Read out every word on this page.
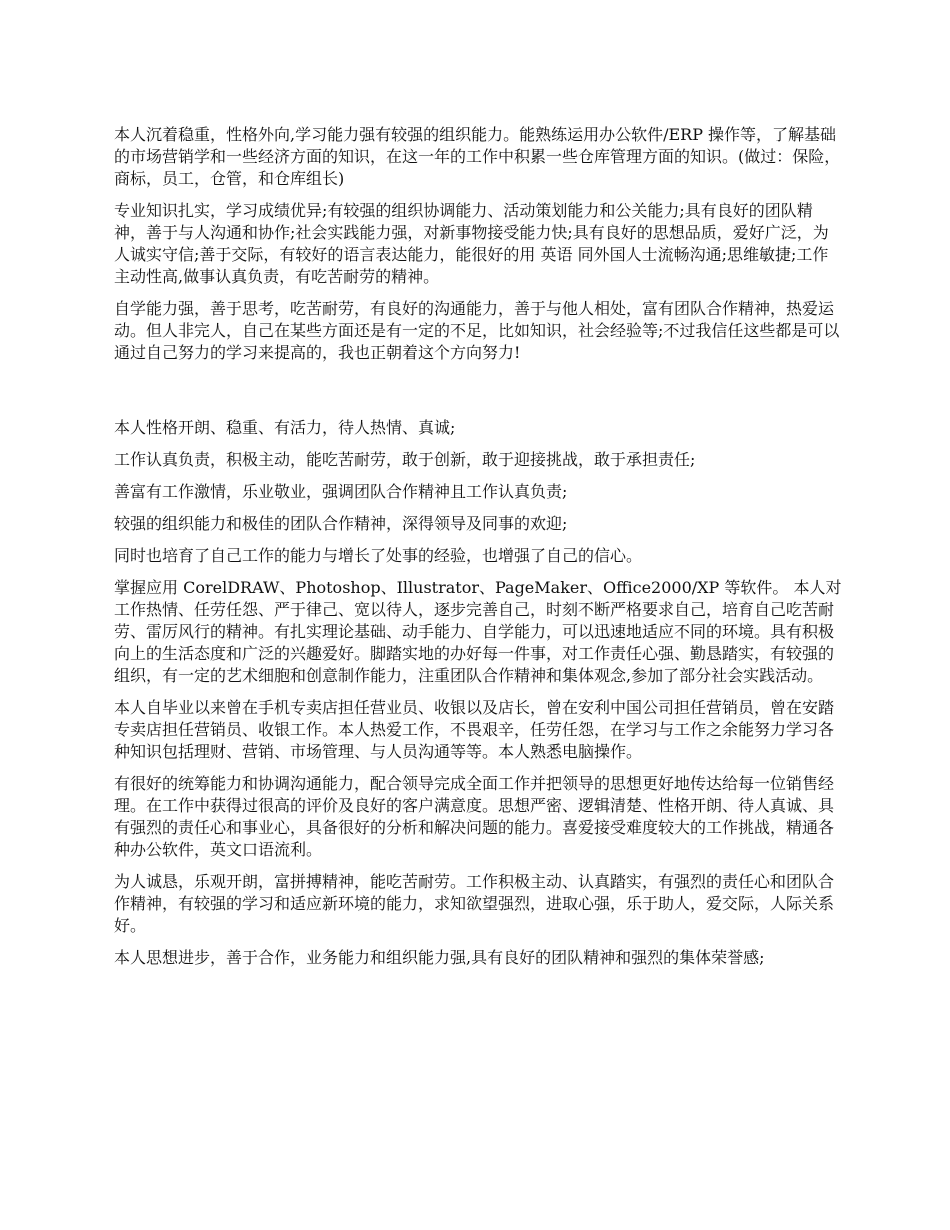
本人沉着稳重，性格外向,学习能力强有较强的组织能力。能熟练运用办公软件/ERP 操作等，了解基础的市场营销学和一些经济方面的知识，在这一年的工作中积累一些仓库管理方面的知识。(做过：保险，商标，员工，仓管，和仓库组长)

专业知识扎实，学习成绩优异;有较强的组织协调能力、活动策划能力和公关能力;具有良好的团队精神，善于与人沟通和协作;社会实践能力强，对新事物接受能力快;具有良好的思想品质，爱好广泛，为人诚实守信;善于交际，有较好的语言表达能力，能很好的用 英语 同外国人士流畅沟通;思维敏捷;工作主动性高,做事认真负责，有吃苦耐劳的精神。

自学能力强，善于思考，吃苦耐劳，有良好的沟通能力，善于与他人相处，富有团队合作精神，热爱运动。但人非完人，自己在某些方面还是有一定的不足，比如知识，社会经验等;不过我信任这些都是可以通过自己努力的学习来提高的，我也正朝着这个方向努力!

本人性格开朗、稳重、有活力，待人热情、真诚;

工作认真负责，积极主动，能吃苦耐劳，敢于创新，敢于迎接挑战，敢于承担责任;

善富有工作激情，乐业敬业，强调团队合作精神且工作认真负责;

较强的组织能力和极佳的团队合作精神，深得领导及同事的欢迎;

同时也培育了自己工作的能力与增长了处事的经验，也增强了自己的信心。

掌握应用 CorelDRAW、Photoshop、Illustrator、PageMaker、Office2000/XP 等软件。 本人对工作热情、任劳任怨、严于律己、宽以待人，逐步完善自己，时刻不断严格要求自己，培育自己吃苦耐劳、雷厉风行的精神。有扎实理论基础、动手能力、自学能力，可以迅速地适应不同的环境。具有积极向上的生活态度和广泛的兴趣爱好。脚踏实地的办好每一件事，对工作责任心强、勤恳踏实，有较强的组织，有一定的艺术细胞和创意制作能力，注重团队合作精神和集体观念,参加了部分社会实践活动。

本人自毕业以来曾在手机专卖店担任营业员、收银以及店长，曾在安利中国公司担任营销员，曾在安踏专卖店担任营销员、收银工作。本人热爱工作，不畏艰辛，任劳任怨，在学习与工作之余能努力学习各种知识包括理财、营销、市场管理、与人员沟通等等。本人熟悉电脑操作。

有很好的统筹能力和协调沟通能力，配合领导完成全面工作并把领导的思想更好地传达给每一位销售经理。在工作中获得过很高的评价及良好的客户满意度。思想严密、逻辑清楚、性格开朗、待人真诚、具有强烈的责任心和事业心，具备很好的分析和解决问题的能力。喜爱接受难度较大的工作挑战，精通各种办公软件，英文口语流利。

为人诚恳，乐观开朗，富拼搏精神，能吃苦耐劳。工作积极主动、认真踏实，有强烈的责任心和团队合作精神，有较强的学习和适应新环境的能力，求知欲望强烈，进取心强，乐于助人，爱交际，人际关系好。

本人思想进步，善于合作，业务能力和组织能力强,具有良好的团队精神和强烈的集体荣誉感;
